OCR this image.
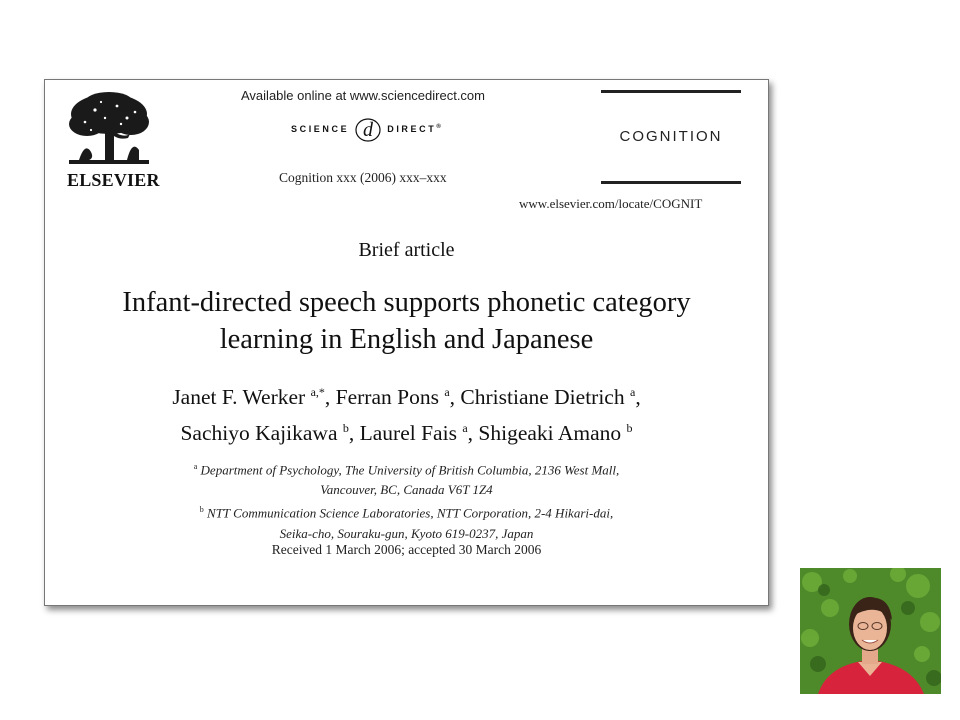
ELSEVIER
Available online at www.sciencedirect.com
SCIENCE d DIRECT®
Cognition xxx (2006) xxx–xxx
COGNITION
www.elsevier.com/locate/COGNIT
Brief article
Infant-directed speech supports phonetic category
learning in English and Japanese
Janet F. Werker $^{a,*}$, Ferran Pons $^a$, Christiane Dietrich $^a$,
Sachiyo Kajikawa $^b$, Laurel Fais $^a$, Shigeaki Amano $^b$
$^a$ Department of Psychology, The University of British Columbia, 2136 West Mall,
Vancouver, BC, Canada V6T 1Z4
$^b$ NTT Communication Science Laboratories, NTT Corporation, 2-4 Hikari-dai,
Seika-cho, Souraku-gun, Kyoto 619-0237, Japan
Received 1 March 2006; accepted 30 March 2006
